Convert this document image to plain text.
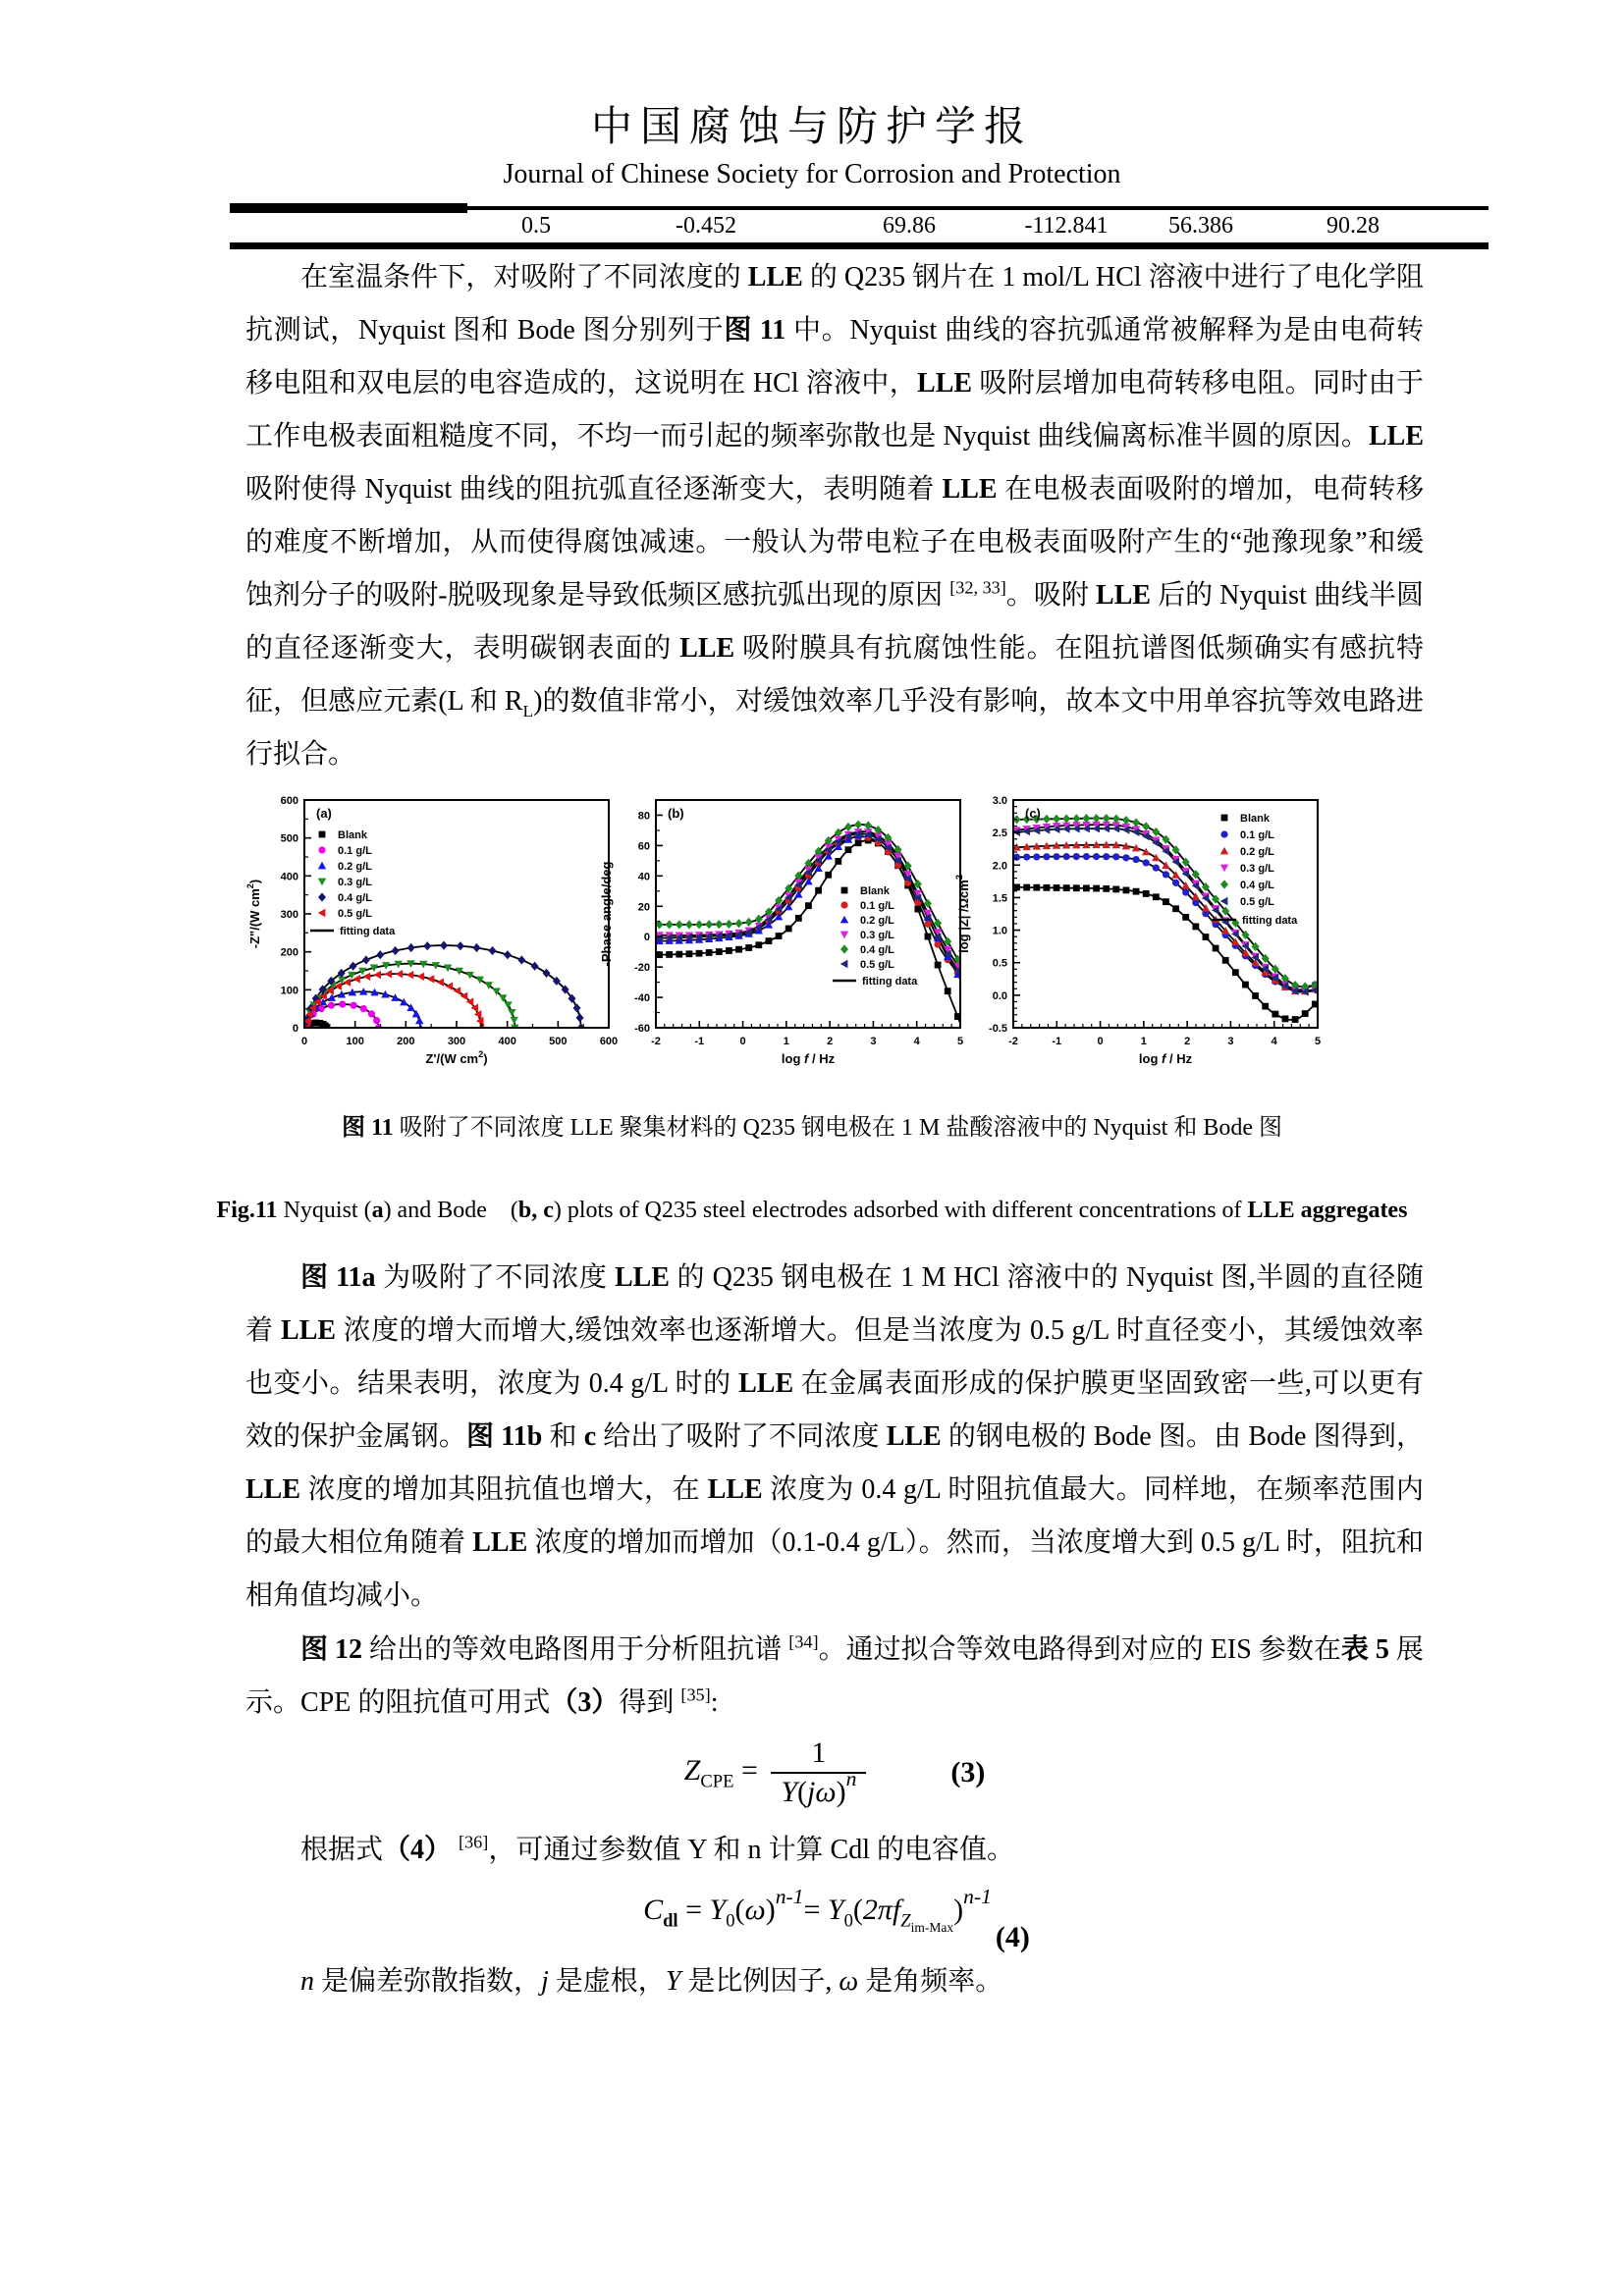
中国腐蚀与防护学报
Journal of Chinese Society for Corrosion and Protection
0.5	-0.452	69.86	-112.841	56.386	90.28
在室温条件下，对吸附了不同浓度的 LLE 的 Q235 钢片在 1 mol/L HCl 溶液中进行了电化学阻抗测试，Nyquist 图和 Bode 图分别列于图 11 中。Nyquist 曲线的容抗弧通常被解释为是由电荷转移电阻和双电层的电容造成的，这说明在 HCl 溶液中，LLE 吸附层增加电荷转移电阻。同时由于工作电极表面粗糙度不同，不均一而引起的频率弥散也是 Nyquist 曲线偏离标准半圆的原因。LLE 吸附使得 Nyquist 曲线的阻抗弧直径逐渐变大，表明随着 LLE 在电极表面吸附的增加，电荷转移的难度不断增加，从而使得腐蚀减速。一般认为带电粒子在电极表面吸附产生的“弛豫现象”和缓蚀剂分子的吸附-脱吸现象是导致低频区感抗弧出现的原因 [32, 33]。吸附 LLE 后的 Nyquist 曲线半圆的直径逐渐变大，表明碳钢表面的 LLE 吸附膜具有抗腐蚀性能。在阻抗谱图低频确实有感抗特征，但感应元素(L 和 $R_L$)的数值非常小，对缓蚀效率几乎没有影响，故本文中用单容抗等效电路进行拟合。
0	100	200	300	400	500	600
0
100
200
300
400
500
600
Z'/(W $cm^2$)
-Z"/(W $cm^2$)
(a)
Blank
0.1 g/L
0.2 g/L
0.3 g/L
0.4 g/L
0.5 g/L
fitting data
-2	-1	0	1	2	3	4	5
-60
-40
-20
0
20
40
60
80
log f / Hz
-Phase angle/deg
(b)
Blank
0.1 g/L
0.2 g/L
0.3 g/L
0.4 g/L
0.5 g/L
fitting data
-2	-1	0	1	2	3	4	5
-0.5
0.0
0.5
1.0
1.5
2.0
2.5
3.0
log f / Hz
log |Z| /Ωcm$^2$
(c)	Blank
0.1 g/L
0.2 g/L
0.3 g/L
0.4 g/L
0.5 g/L
fitting data
图 11 吸附了不同浓度 LLE 聚集材料的 Q235 钢电极在 1 M 盐酸溶液中的 Nyquist 和 Bode 图
Fig.11 Nyquist (a) and Bode　(b, c) plots of Q235 steel electrodes adsorbed with different concentrations of LLE aggregates
图 11a 为吸附了不同浓度 LLE 的 Q235 钢电极在 1 M HCl 溶液中的 Nyquist 图,半圆的直径随着 LLE 浓度的增大而增大,缓蚀效率也逐渐增大。但是当浓度为 0.5 g/L 时直径变小，其缓蚀效率也变小。结果表明，浓度为 0.4 g/L 时的 LLE 在金属表面形成的保护膜更坚固致密一些,可以更有效的保护金属钢。图 11b 和 c 给出了吸附了不同浓度 LLE 的钢电极的 Bode 图。由 Bode 图得到，LLE 浓度的增加其阻抗值也增大，在 LLE 浓度为 0.4 g/L 时阻抗值最大。同样地，在频率范围内的最大相位角随着 LLE 浓度的增加而增加（0.1-0.4 g/L）。然而，当浓度增大到 0.5 g/L 时，阻抗和相角值均减小。
图 12 给出的等效电路图用于分析阻抗谱 [34]。通过拟合等效电路得到对应的 EIS 参数在表 5 展示。CPE 的阻抗值可用式（3）得到 [35]:
$Z_{CPE} = \frac{1}{Y(j\omega)^n}$	(3)
根据式（4） [36]，可通过参数值 Y 和 n 计算 Cdl 的电容值。
$C_{dl} = Y_0(\omega)^{n-1}= Y_0(2\pi f_{Zim-Max})^{n-1}$
(4)
n 是偏差弥散指数，j 是虚根，Y 是比例因子, ω 是角频率。
